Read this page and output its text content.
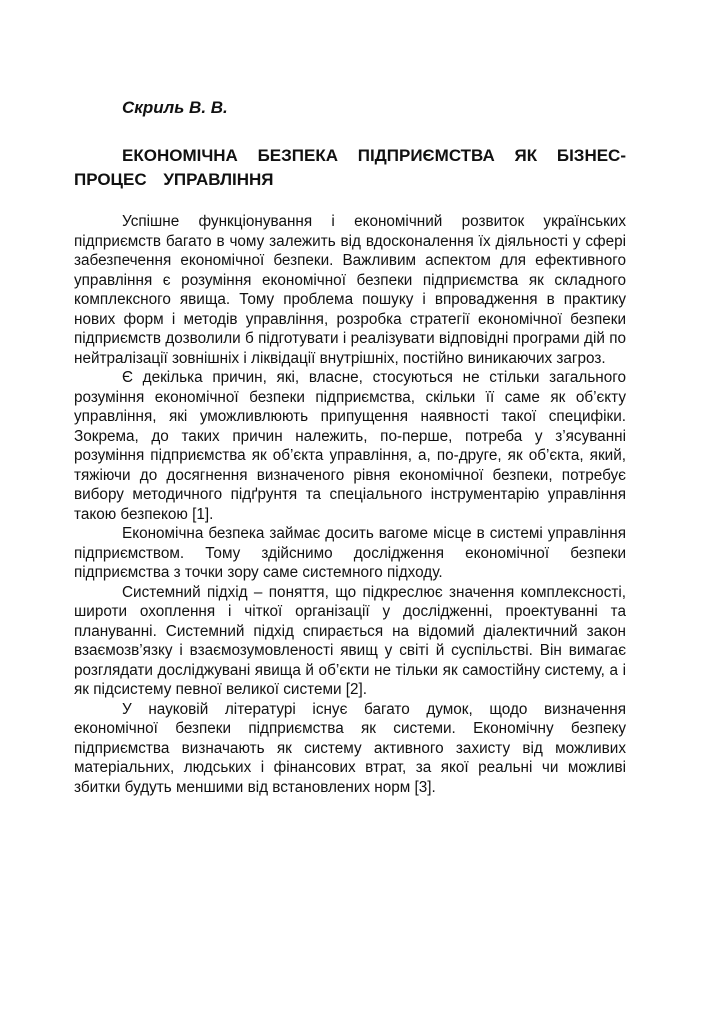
Скриль В. В.

ЕКОНОМІЧНА БЕЗПЕКА ПІДПРИЄМСТВА ЯК БІЗНЕС-ПРОЦЕС УПРАВЛІННЯ

Успішне функціонування і економічний розвиток українських підприємств багато в чому залежить від вдосконалення їх діяльності у сфері забезпечення економічної безпеки. Важливим аспектом для ефективного управління є розуміння економічної безпеки підприємства як складного комплексного явища. Тому проблема пошуку і впровадження в практику нових форм і методів управління, розробка стратегії економічної безпеки підприємств дозволили б підготувати і реалізувати відповідні програми дій по нейтралізації зовнішніх і ліквідації внутрішніх, постійно виникаючих загроз.

Є декілька причин, які, власне, стосуються не стільки загального розуміння економічної безпеки підприємства, скільки її саме як об’єкту управління, які уможливлюють припущення наявності такої специфіки. Зокрема, до таких причин належить, по-перше, потреба у з’ясуванні розуміння підприємства як об’єкта управління, а, по-друге, як об’єкта, який, тяжіючи до досягнення визначеного рівня економічної безпеки, потребує вибору методичного підґрунтя та спеціального інструментарію управління такою безпекою [1].

Економічна безпека займає досить вагоме місце в системі управління підприємством. Тому здійснимо дослідження економічної безпеки підприємства з точки зору саме системного підходу.

Системний підхід – поняття, що підкреслює значення комплексності, широти охоплення і чіткої організації у дослідженні, проектуванні та плануванні. Системний підхід спирається на відомий діалектичний закон взаємозв’язку і взаємозумовленості явищ у світі й суспільстві. Він вимагає розглядати досліджувані явища й об’єкти не тільки як самостійну систему, а і як підсистему певної великої системи [2].

У науковій літературі існує багато думок, щодо визначення економічної безпеки підприємства як системи. Економічну безпеку підприємства визначають як систему активного захисту від можливих матеріальних, людських і фінансових втрат, за якої реальні чи можливі збитки будуть меншими від встановлених норм [3].
